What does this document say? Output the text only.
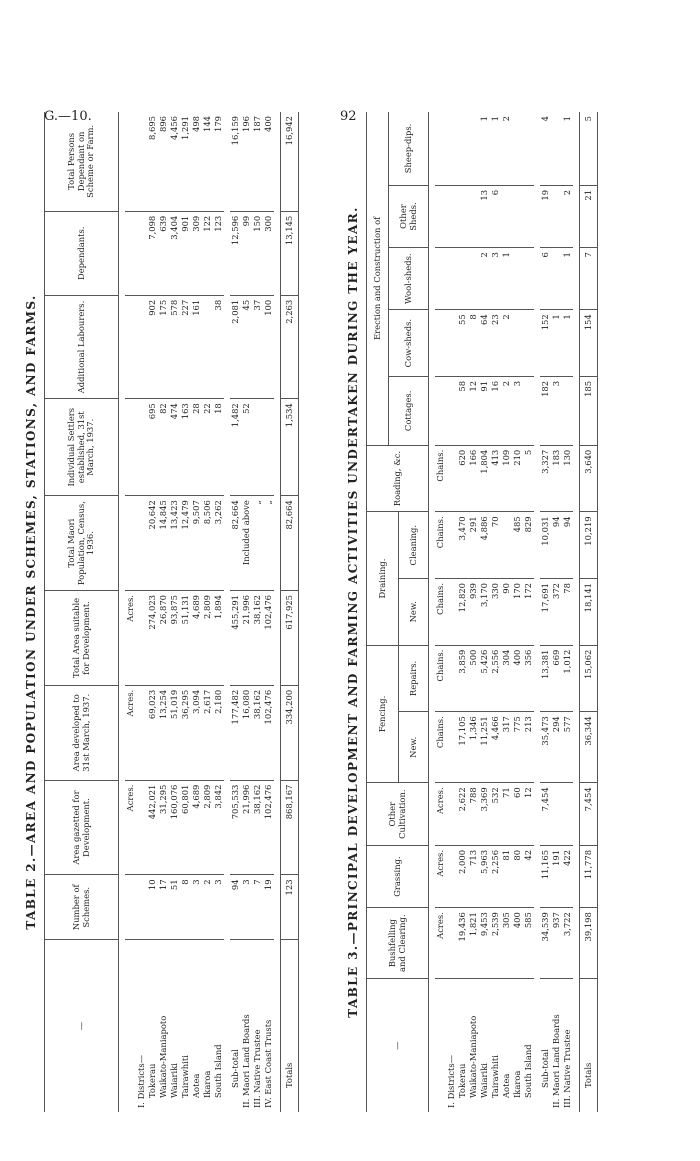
G.—10.	92
TABLE 2.—AREA AND POPULATION UNDER SCHEMES, STATIONS, AND FARMS.
—	Number of Schemes.	Area gazetted for Development.	Area developed to 31st March, 1937.	Total Area suitable for Development.	Total Maori Population, Census, 1936.	Individual Settlers established, 31st March, 1937.	Additional Labourers.	Dependants.	Total Persons Dependant on Scheme or Farm.

		Acres.	Acres.	Acres.					
I. Districts—									
Tokerau	10	442,021	69,023	274,023	20,642	695	902	7,098	8,695
Waikato-Maniapoto	17	31,295	13,254	26,870	14,845	82	175	639	896
Waiariki	51	160,076	51,019	93,875	13,423	474	578	3,404	4,456
Tairawhiti	8	60,801	36,295	51,131	12,479	163	227	901	1,291
Aotea	3	4,689	3,094	4,689	9,507	28	161	309	498
Ikaroa	2	2,809	2,617	2,809	8,506	22		122	144
South Island	3	3,842	2,180	1,894	3,262	18	38	123	179

Sub-total	94	705,533	177,482	455,291	82,664	1,482	2,081	12,596	16,159
II. Maori Land Boards	3	21,996	16,080	21,996	Included above	52	45	99	196
III. Native Trustee	7	38,162	38,162	38,162	„		37	150	187
IV. East Coast Trusts	19	102,476	102,476	102,476	„		100	300	400

Totals	123	868,167	334,200	617,925	82,664	1,534	2,263	13,145	16,942
TABLE 3.—PRINCIPAL DEVELOPMENT AND FARMING ACTIVITIES UNDERTAKEN DURING THE YEAR.
—	Bushfelling and Clearing.	Grassing.	Other Cultivation.	Fencing.		Draining.		Roading, &c.	Erection and Construction of				
									Cottages.	Cow-sheds.	Wool-sheds.	Other Sheds.	Sheep-dips.
				New.	Repairs.	New.	Cleaning.						

	Acres.	Acres.	Acres.	Chains.	Chains.	Chains.	Chains.	Chains.					
I. Districts—													
Tokerau	19,436	2,000	2,622	17,105	3,859	12,820	3,470	620	58	55			
Waikato-Maniapoto	1,821	713	788	1,346	500	939	291	166	12	8			
Waiariki	9,453	5,963	3,369	11,251	5,426	3,170	4,886	1,804	91	64	2	13	1
Tairawhiti	2,539	2,256	532	4,466	2,556	330	70	413	16	23	3	6	1
Aotea	305	81	71	317	304	90		109	2	2	1		2
Ikaroa	400	80	60	775	400	170	485	210	3				
South Island	585	42	12	213	356	172	829	5					

Sub-total	34,539	11,165	7,454	35,473	13,381	17,691	10,031	3,327	182	152	6	19	4
II. Maori Land Boards	937	191		294	669	372	94	183	3	1			
III. Native Trustee	3,722	422		577	1,012	78	94	130		1	1	2	1

Totals	39,198	11,778	7,454	36,344	15,062	18,141	10,219	3,640	185	154	7	21	5
